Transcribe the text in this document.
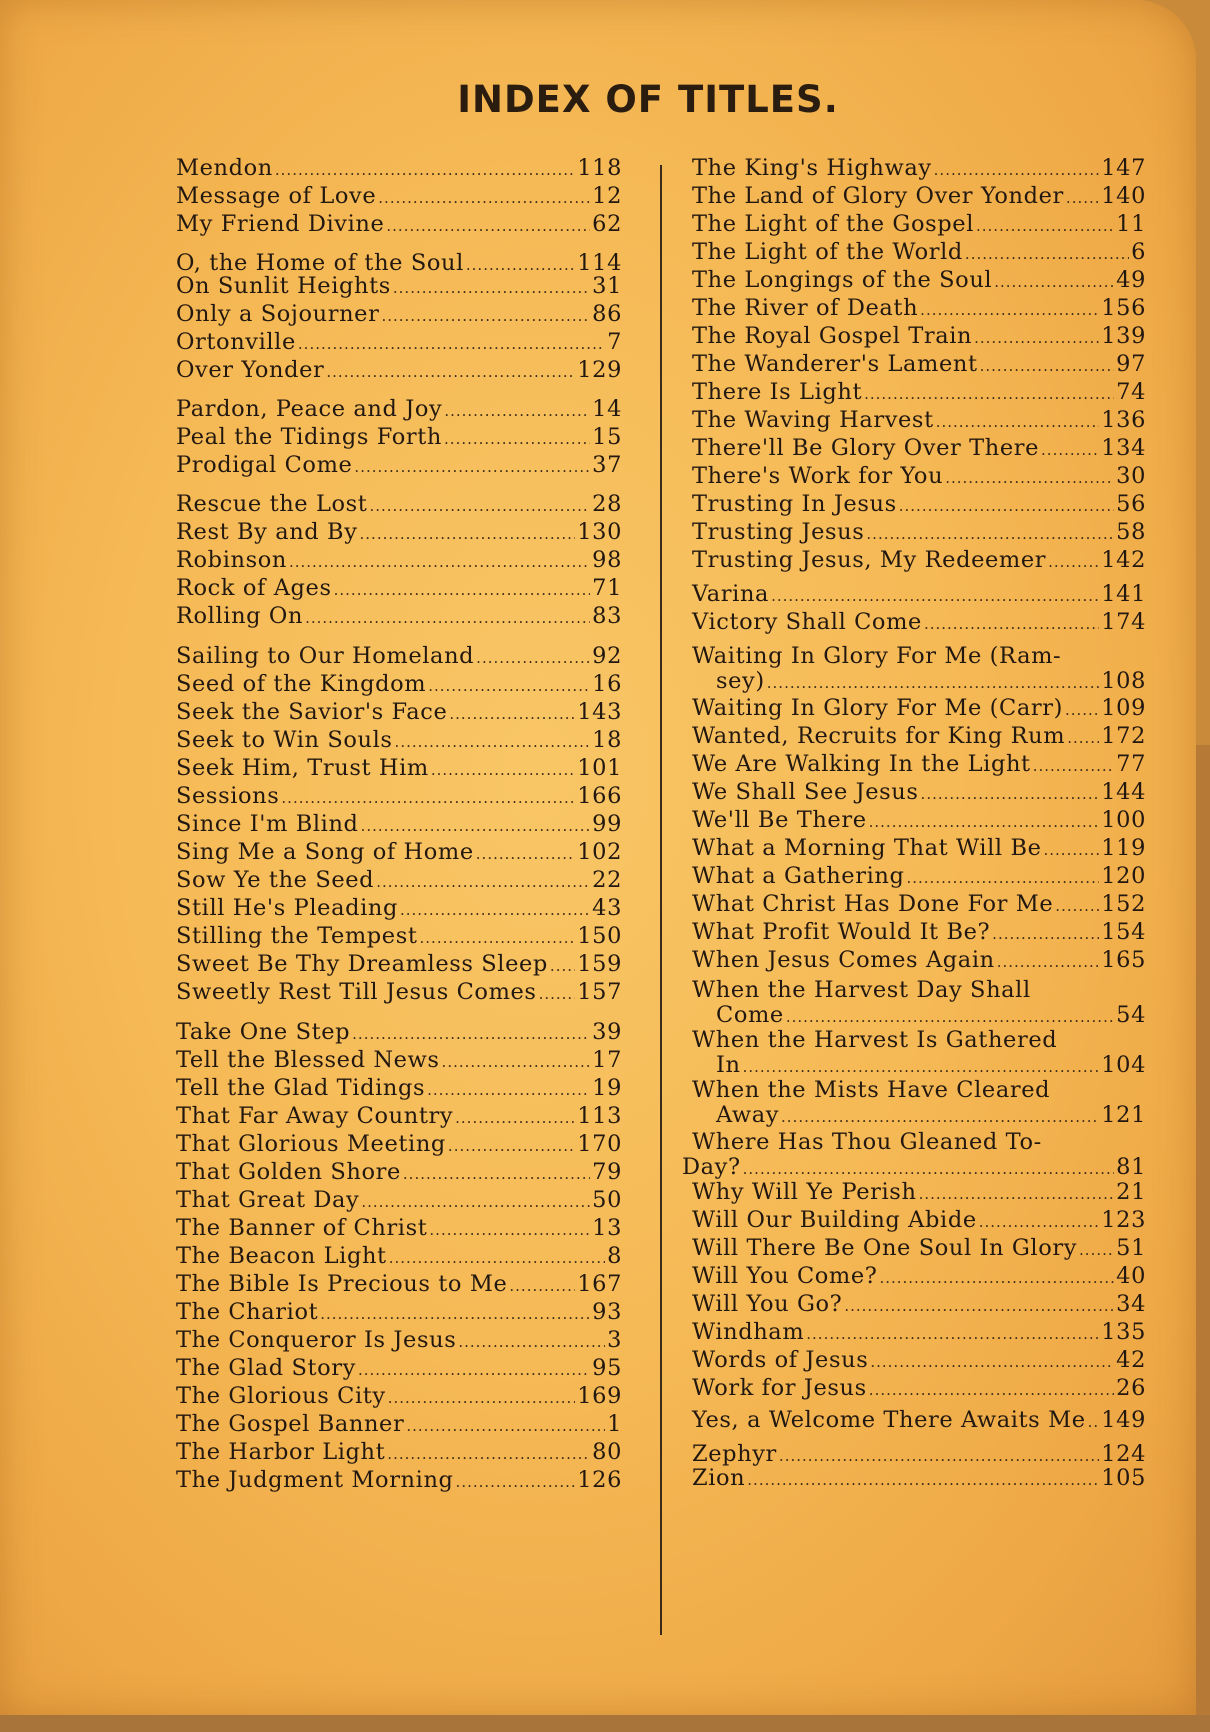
INDEX OF TITLES.
Mendon .....	118
Message of Love .....	12
My Friend Divine .....	62
O, the Home of the Soul .....	114
On Sunlit Heights .....	31
Only a Sojourner .....	86
Ortonville .....	7
Over Yonder .....	129
Pardon, Peace and Joy .....	14
Peal the Tidings Forth .....	15
Prodigal Come .....	37
Rescue the Lost .....	28
Rest By and By .....	130
Robinson .....	98
Rock of Ages .....	71
Rolling On .....	83
Sailing to Our Homeland .....	92
Seed of the Kingdom .....	16
Seek the Savior's Face .....	143
Seek to Win Souls .....	18
Seek Him, Trust Him .....	101
Sessions .....	166
Since I'm Blind .....	99
Sing Me a Song of Home .....	102
Sow Ye the Seed .....	22
Still He's Pleading .....	43
Stilling the Tempest .....	150
Sweet Be Thy Dreamless Sleep ..... 159
Sweetly Rest Till Jesus Comes ..... 157
Take One Step .....	39
Tell the Blessed News .....	17
Tell the Glad Tidings .....	19
That Far Away Country .....	113
That Glorious Meeting .....	170
That Golden Shore .....	79
That Great Day .....	50
The Banner of Christ .....	13
The Beacon Light .....	8
The Bible Is Precious to Me .....	167
The Chariot .....	93
The Conqueror Is Jesus .....	3
The Glad Story .....	95
The Glorious City .....	169
The Gospel Banner .....	1
The Harbor Light .....	80
The Judgment Morning .....	126
The King's Highway .....	147
The Land of Glory Over Yonder ..... 140
The Light of the Gospel .....	11
The Light of the World .....	6
The Longings of the Soul .....	49
The River of Death .....	156
The Royal Gospel Train .....	139
The Wanderer's Lament .....	97
There Is Light .....	74
The Waving Harvest .....	136
There'll Be Glory Over There .....	134
There's Work for You .....	30
Trusting In Jesus .....	56
Trusting Jesus .....	58
Trusting Jesus, My Redeemer ..... 142
Varina .....	141
Victory Shall Come .....	174
Waiting In Glory For Me (Ram-
sey) .....	108
Waiting In Glory For Me (Carr) ..... 109
Wanted, Recruits for King Rum ..... 172
We Are Walking In the Light .....	77
We Shall See Jesus .....	144
We'll Be There .....	100
What a Morning That Will Be .....	119
What a Gathering .....	120
What Christ Has Done For Me ..... 152
What Profit Would It Be? .....	154
When Jesus Comes Again .....	165
When the Harvest Day Shall
Come .....	54
When the Harvest Is Gathered
In .....	104
When the Mists Have Cleared
Away .....	121
Where Has Thou Gleaned To-
Day? .....	81
Why Will Ye Perish .....	21
Will Our Building Abide .....	123
Will There Be One Soul In Glory ..... 51
Will You Come? .....	40
Will You Go? .....	34
Windham .....	135
Words of Jesus .....	42
Work for Jesus .....	26
Yes, a Welcome There Awaits Me ..... 149
Zephyr .....	124
Zion .....	105
